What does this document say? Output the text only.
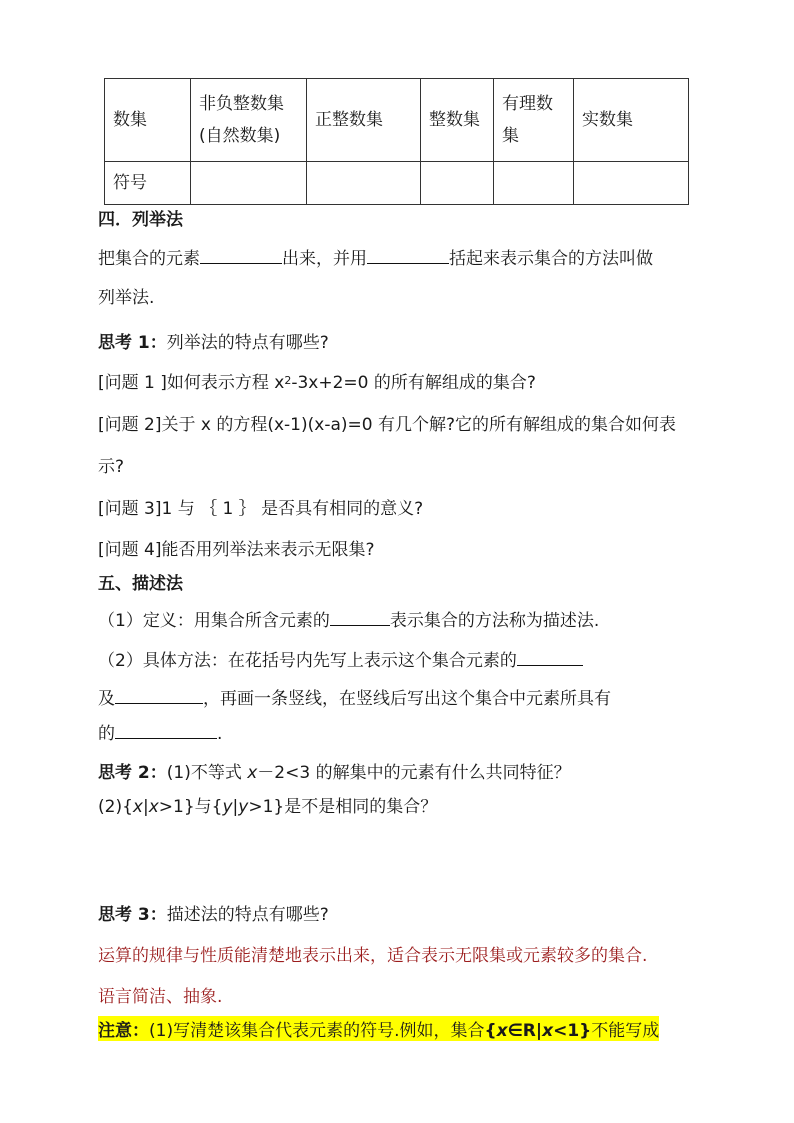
数集	非负整数集(自然数集)	正整数集	整数集	有理数集	实数集
符号					
四．列举法
把集合的元素	出来，并用	括起来表示集合的方法叫做
列举法.
思考 1：列举法的特点有哪些?
[问题 1 ]如何表示方程 $x^2-3x+2=0$ 的所有解组成的集合?
[问题 2]关于 x 的方程(x-1)(x-a)=0 有几个解?它的所有解组成的集合如何表
示?
[问题 3]1 与 ｛ 1 ｝ 是否具有相同的意义?
[问题 4]能否用列举法来表示无限集?
五、描述法
（1）定义：用集合所含元素的	表示集合的方法称为描述法.
（2）具体方法：在花括号内先写上表示这个集合元素的
及	，再画一条竖线，在竖线后写出这个集合中元素所具有
的	.
思考 2：(1)不等式 x－2<3 的解集中的元素有什么共同特征？
(2){x|x>1}与{y|y>1}是不是相同的集合？
思考 3：描述法的特点有哪些?
运算的规律与性质能清楚地表示出来，适合表示无限集或元素较多的集合.
语言简洁、抽象.
注意：(1)写清楚该集合代表元素的符号.例如，集合{x∈R|x<1}不能写成
